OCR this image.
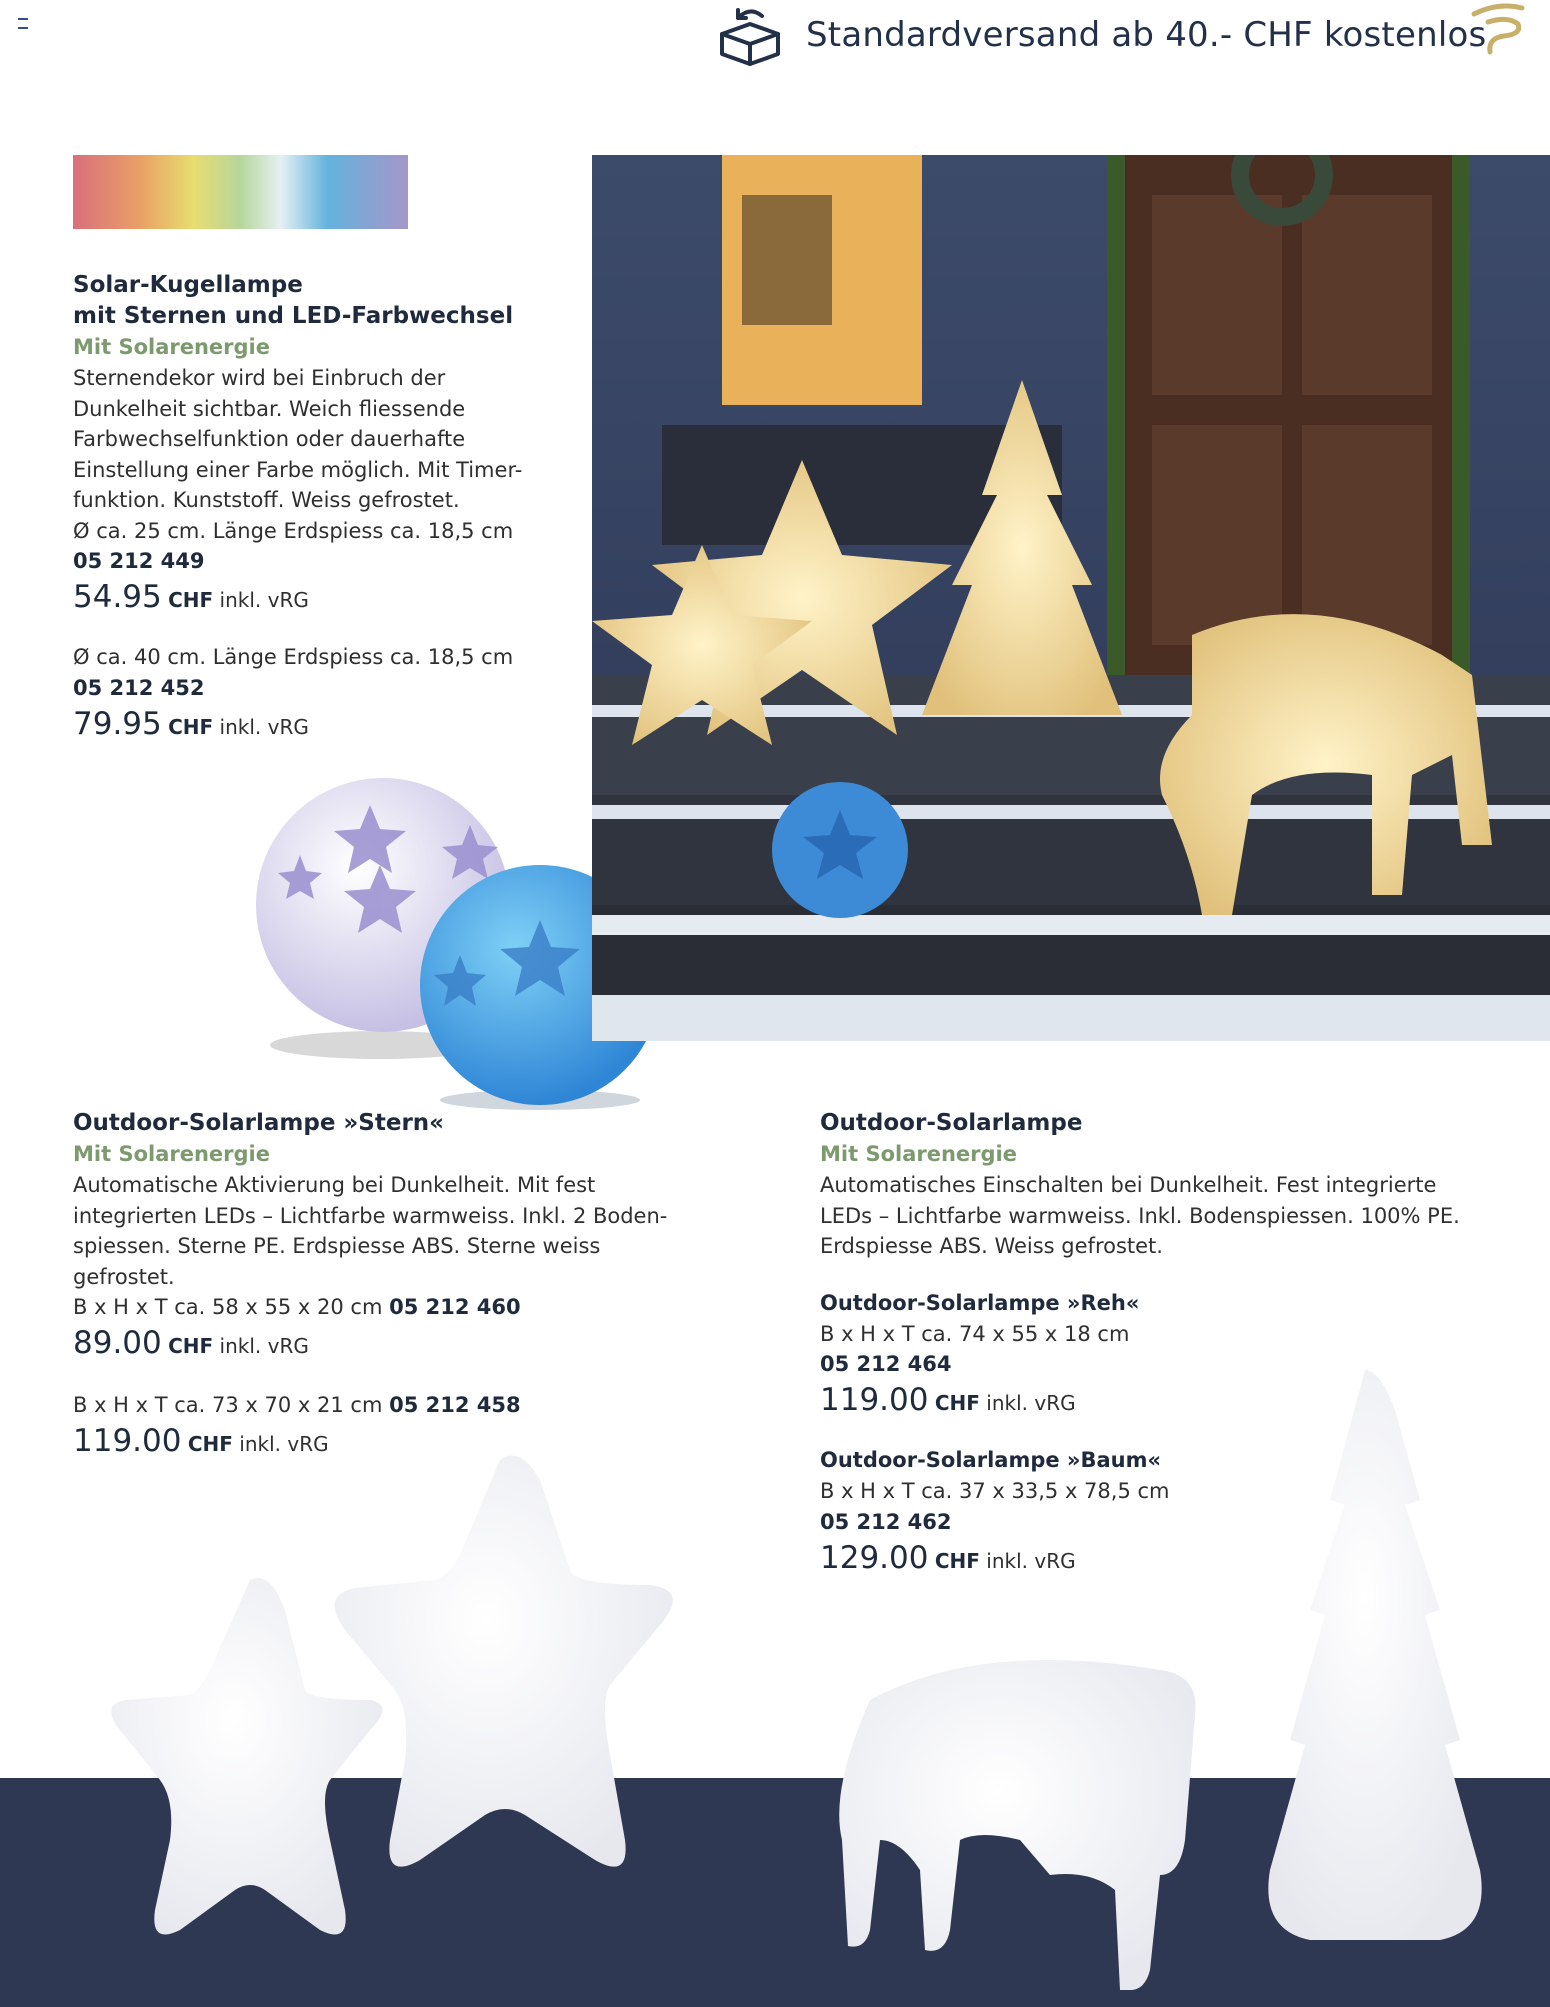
Standardversand ab 40.- CHF kostenlos
Solar-Kugellampe
mit Sternen und LED-Farbwechsel
Mit Solarenergie
Sternendekor wird bei Einbruch der
Dunkelheit sichtbar. Weich fliessende
Farbwechselfunktion oder dauerhafte
Einstellung einer Farbe möglich. Mit Timer-
funktion. Kunststoff. Weiss gefrostet.
Ø ca. 25 cm. Länge Erdspiess ca. 18,5 cm
05 212 449
54.95 CHF inkl. vRG
Ø ca. 40 cm. Länge Erdspiess ca. 18,5 cm
05 212 452
79.95 CHF inkl. vRG
Outdoor-Solarlampe »Stern«
Mit Solarenergie
Automatische Aktivierung bei Dunkelheit. Mit fest
integrierten LEDs – Lichtfarbe warmweiss. Inkl. 2 Boden-
spiessen. Sterne PE. Erdspiesse ABS. Sterne weiss
gefrostet.
B x H x T ca. 58 x 55 x 20 cm 05 212 460
89.00 CHF inkl. vRG
B x H x T ca. 73 x 70 x 21 cm 05 212 458
119.00 CHF inkl. vRG
Outdoor-Solarlampe
Mit Solarenergie
Automatisches Einschalten bei Dunkelheit. Fest integrierte
LEDs – Lichtfarbe warmweiss. Inkl. Bodenspiessen. 100% PE.
Erdspiesse ABS. Weiss gefrostet.
Outdoor-Solarlampe »Reh«
B x H x T ca. 74 x 55 x 18 cm
05 212 464
119.00 CHF inkl. vRG
Outdoor-Solarlampe »Baum«
B x H x T ca. 37 x 33,5 x 78,5 cm
05 212 462
129.00 CHF inkl. vRG
